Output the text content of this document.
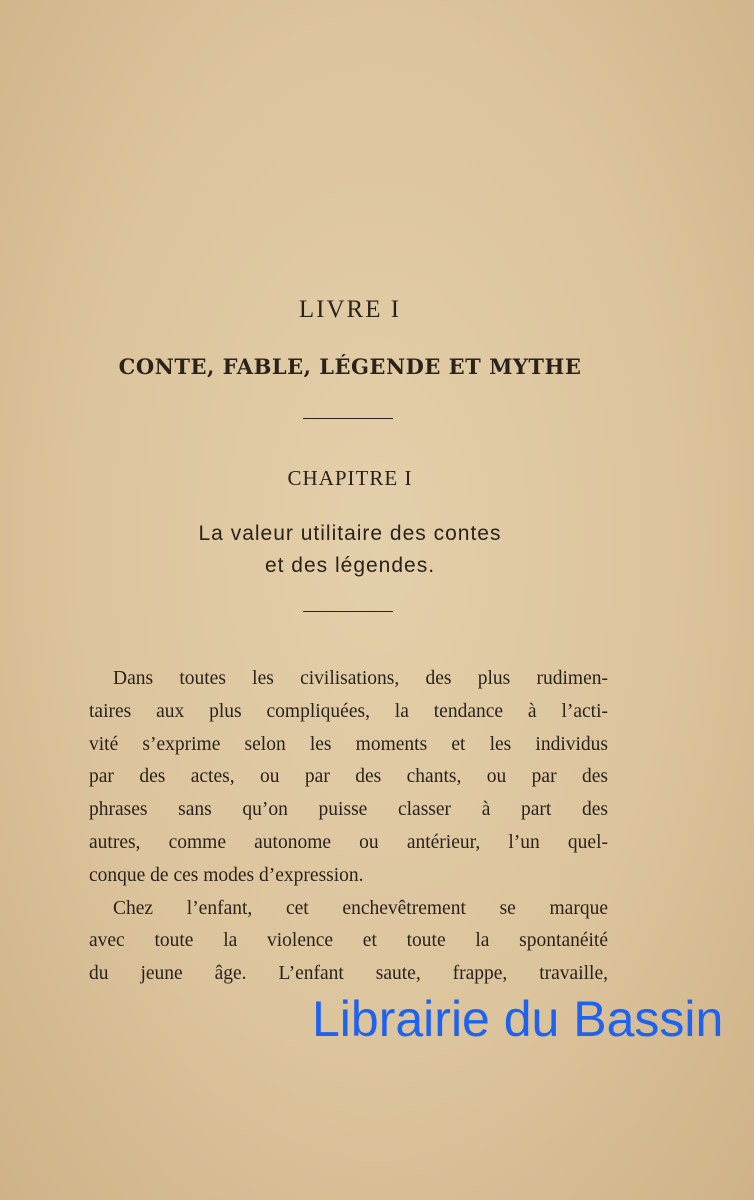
LIVRE I
CONTE, FABLE, LÉGENDE ET MYTHE
CHAPITRE I
La valeur utilitaire des contes
et des légendes.
Dans toutes les civilisations, des plus rudimen-
taires aux plus compliquées, la tendance à l’acti-
vité s’exprime selon les moments et les individus
par des actes, ou par des chants, ou par des
phrases sans qu’on puisse classer à part des
autres, comme autonome ou antérieur, l’un quel-
conque de ces modes d’expression.
Chez l’enfant, cet enchevêtrement se marque
avec toute la violence et toute la spontanéité
du jeune âge. L’enfant saute, frappe, travaille,
Librairie du Bassin
